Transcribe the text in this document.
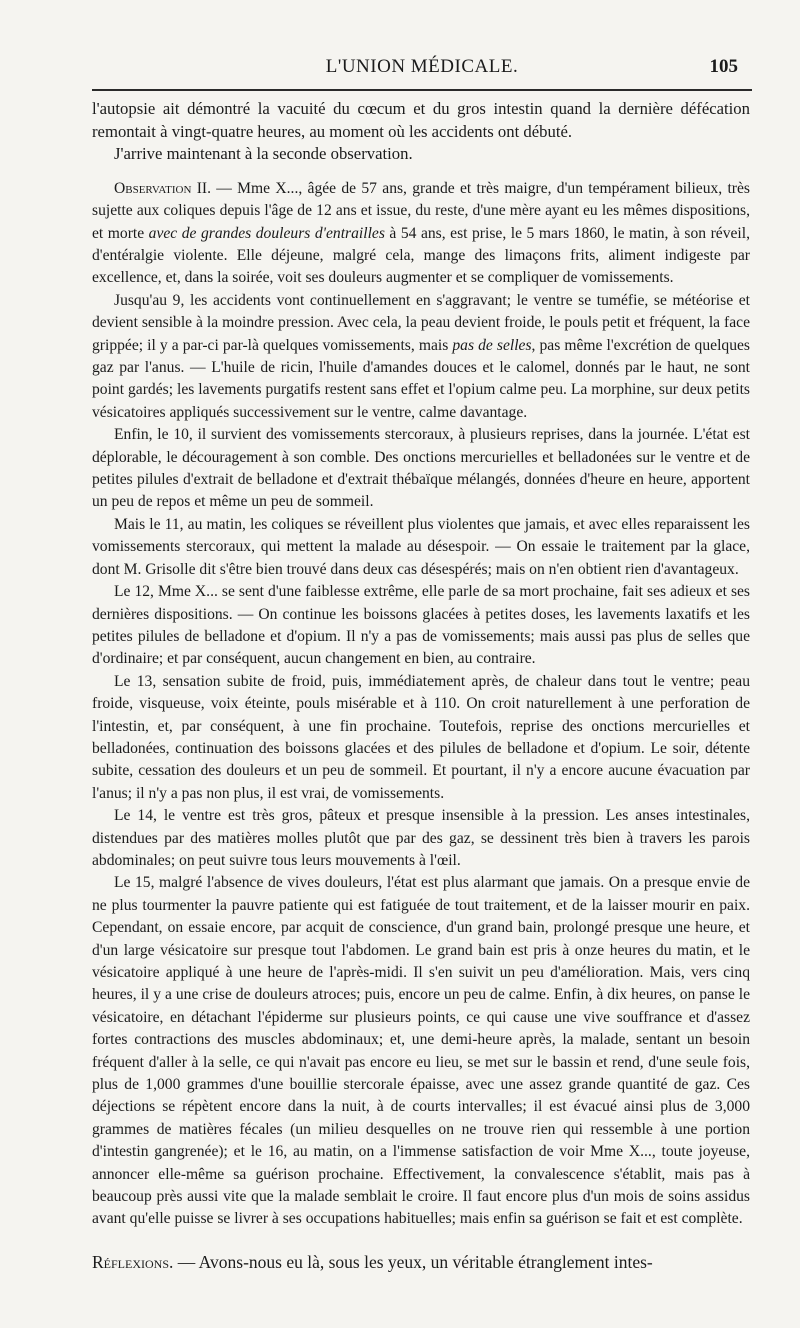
L'UNION MÉDICALE.	105

l'autopsie ait démontré la vacuité du cœcum et du gros intestin quand la dernière défécation remontait à vingt-quatre heures, au moment où les accidents ont débuté.

J'arrive maintenant à la seconde observation.

Observation II. — Mme X..., âgée de 57 ans, grande et très maigre, d'un tempérament bilieux, très sujette aux coliques depuis l'âge de 12 ans et issue, du reste, d'une mère ayant eu les mêmes dispositions, et morte avec de grandes douleurs d'entrailles à 54 ans, est prise, le 5 mars 1860, le matin, à son réveil, d'entéralgie violente. Elle déjeune, malgré cela, mange des limaçons frits, aliment indigeste par excellence, et, dans la soirée, voit ses douleurs augmenter et se compliquer de vomissements.

Jusqu'au 9, les accidents vont continuellement en s'aggravant; le ventre se tuméfie, se météorise et devient sensible à la moindre pression. Avec cela, la peau devient froide, le pouls petit et fréquent, la face grippée; il y a par-ci par-là quelques vomissements, mais pas de selles, pas même l'excrétion de quelques gaz par l'anus. — L'huile de ricin, l'huile d'amandes douces et le calomel, donnés par le haut, ne sont point gardés; les lavements purgatifs restent sans effet et l'opium calme peu. La morphine, sur deux petits vésicatoires appliqués successivement sur le ventre, calme davantage.

Enfin, le 10, il survient des vomissements stercoraux, à plusieurs reprises, dans la journée. L'état est déplorable, le découragement à son comble. Des onctions mercurielles et belladonées sur le ventre et de petites pilules d'extrait de belladone et d'extrait thébaïque mélangés, données d'heure en heure, apportent un peu de repos et même un peu de sommeil.

Mais le 11, au matin, les coliques se réveillent plus violentes que jamais, et avec elles reparaissent les vomissements stercoraux, qui mettent la malade au désespoir. — On essaie le traitement par la glace, dont M. Grisolle dit s'être bien trouvé dans deux cas désespérés; mais on n'en obtient rien d'avantageux.

Le 12, Mme X... se sent d'une faiblesse extrême, elle parle de sa mort prochaine, fait ses adieux et ses dernières dispositions. — On continue les boissons glacées à petites doses, les lavements laxatifs et les petites pilules de belladone et d'opium. Il n'y a pas de vomissements; mais aussi pas plus de selles que d'ordinaire; et par conséquent, aucun changement en bien, au contraire.

Le 13, sensation subite de froid, puis, immédiatement après, de chaleur dans tout le ventre; peau froide, visqueuse, voix éteinte, pouls misérable et à 110. On croit naturellement à une perforation de l'intestin, et, par conséquent, à une fin prochaine. Toutefois, reprise des onctions mercurielles et belladonées, continuation des boissons glacées et des pilules de belladone et d'opium. Le soir, détente subite, cessation des douleurs et un peu de sommeil. Et pourtant, il n'y a encore aucune évacuation par l'anus; il n'y a pas non plus, il est vrai, de vomissements.

Le 14, le ventre est très gros, pâteux et presque insensible à la pression. Les anses intestinales, distendues par des matières molles plutôt que par des gaz, se dessinent très bien à travers les parois abdominales; on peut suivre tous leurs mouvements à l'œil.

Le 15, malgré l'absence de vives douleurs, l'état est plus alarmant que jamais. On a presque envie de ne plus tourmenter la pauvre patiente qui est fatiguée de tout traitement, et de la laisser mourir en paix. Cependant, on essaie encore, par acquit de conscience, d'un grand bain, prolongé presque une heure, et d'un large vésicatoire sur presque tout l'abdomen. Le grand bain est pris à onze heures du matin, et le vésicatoire appliqué à une heure de l'après-midi. Il s'en suivit un peu d'amélioration. Mais, vers cinq heures, il y a une crise de douleurs atroces; puis, encore un peu de calme. Enfin, à dix heures, on panse le vésicatoire, en détachant l'épiderme sur plusieurs points, ce qui cause une vive souffrance et d'assez fortes contractions des muscles abdominaux; et, une demi-heure après, la malade, sentant un besoin fréquent d'aller à la selle, ce qui n'avait pas encore eu lieu, se met sur le bassin et rend, d'une seule fois, plus de 1,000 grammes d'une bouillie stercorale épaisse, avec une assez grande quantité de gaz. Ces déjections se répètent encore dans la nuit, à de courts intervalles; il est évacué ainsi plus de 3,000 grammes de matières fécales (un milieu desquelles on ne trouve rien qui ressemble à une portion d'intestin gangrenée); et le 16, au matin, on a l'immense satisfaction de voir Mme X..., toute joyeuse, annoncer elle-même sa guérison prochaine. Effectivement, la convalescence s'établit, mais pas à beaucoup près aussi vite que la malade semblait le croire. Il faut encore plus d'un mois de soins assidus avant qu'elle puisse se livrer à ses occupations habituelles; mais enfin sa guérison se fait et est complète.

Réflexions. — Avons-nous eu là, sous les yeux, un véritable étranglement intes-
